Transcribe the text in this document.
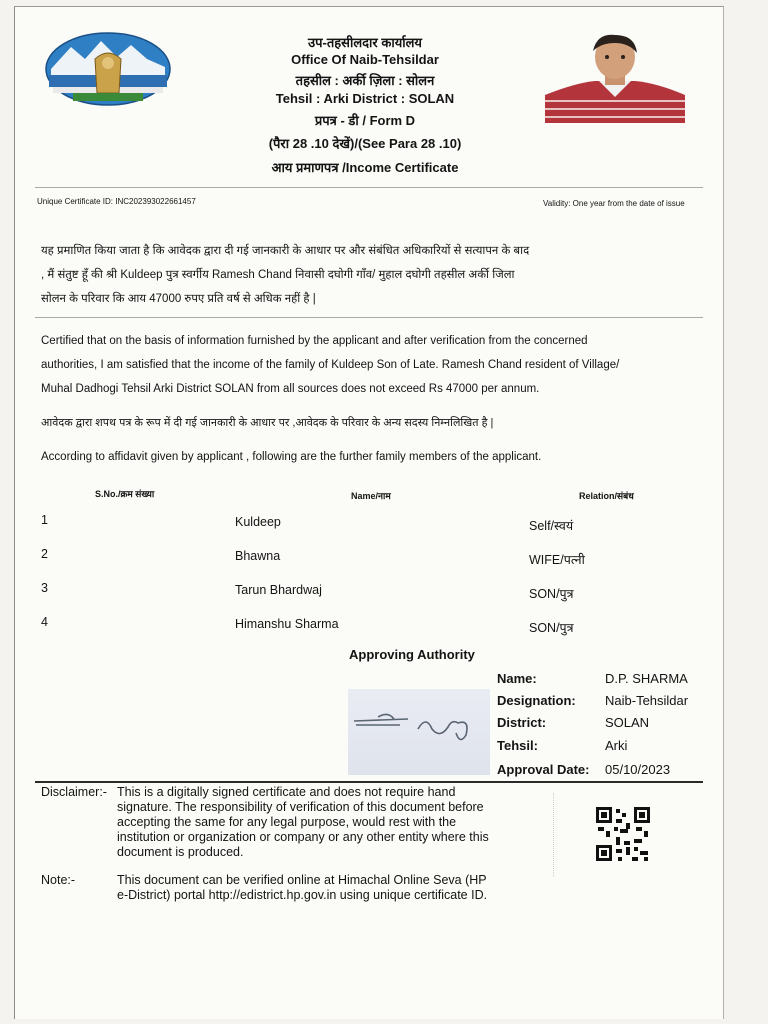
उप-तहसीलदार कार्यालय
Office Of Naib-Tehsildar
तहसील : अर्की ज़िला : सोलन
Tehsil : Arki District : SOLAN
प्रपत्र - डी / Form D
(पैरा 28 .10 देखें)/(See Para 28 .10)
आय प्रमाणपत्र /Income Certificate
Unique Certificate ID: INC202393022661457	Validity: One year from the date of issue
यह प्रमाणित किया जाता है कि आवेदक द्वारा दी गई जानकारी के आधार पर और संबंधित अधिकारियों से सत्यापन के बाद
, मैं संतुष्ट हूँ की श्री Kuldeep पुत्र स्वर्गीय Ramesh Chand निवासी दघोगी गाँव/ मुहाल दघोगी तहसील अर्की जिला
सोलन के परिवार कि आय 47000 रुपए प्रति वर्ष से अधिक नहीं है |
Certified that on the basis of information furnished by the applicant and after verification from the concerned
authorities, I am satisfied that the income of the family of Kuldeep Son of Late. Ramesh Chand resident of Village/
Muhal Dadhogi Tehsil Arki District SOLAN from all sources does not exceed Rs 47000 per annum.
आवेदक द्वारा शपथ पत्र के रूप में दी गई जानकारी के आधार पर ,आवेदक के परिवार के अन्य सदस्य निम्नलिखित है |
According to affidavit given by applicant , following are the further family members of the applicant.
S.No./क्रम संख्या	Name/नाम	Relation/संबंध
1	Kuldeep	Self/स्वयं
2	Bhawna	WIFE/पत्नी
3	Tarun Bhardwaj	SON/पुत्र
4	Himanshu Sharma	SON/पुत्र
Approving Authority
Name:	D.P. SHARMA
Designation: Naib-Tehsildar
District:	SOLAN
Tehsil:	Arki
Approval Date: 05/10/2023
Disclaimer:- This is a digitally signed certificate and does not require hand
signature. The responsibility of verification of this document before
accepting the same for any legal purpose, would rest with the
institution or organization or company or any other entity where this
document is produced.
Note:-	This document can be verified online at Himachal Online Seva (HP
e-District) portal http://edistrict.hp.gov.in using unique certificate ID.
